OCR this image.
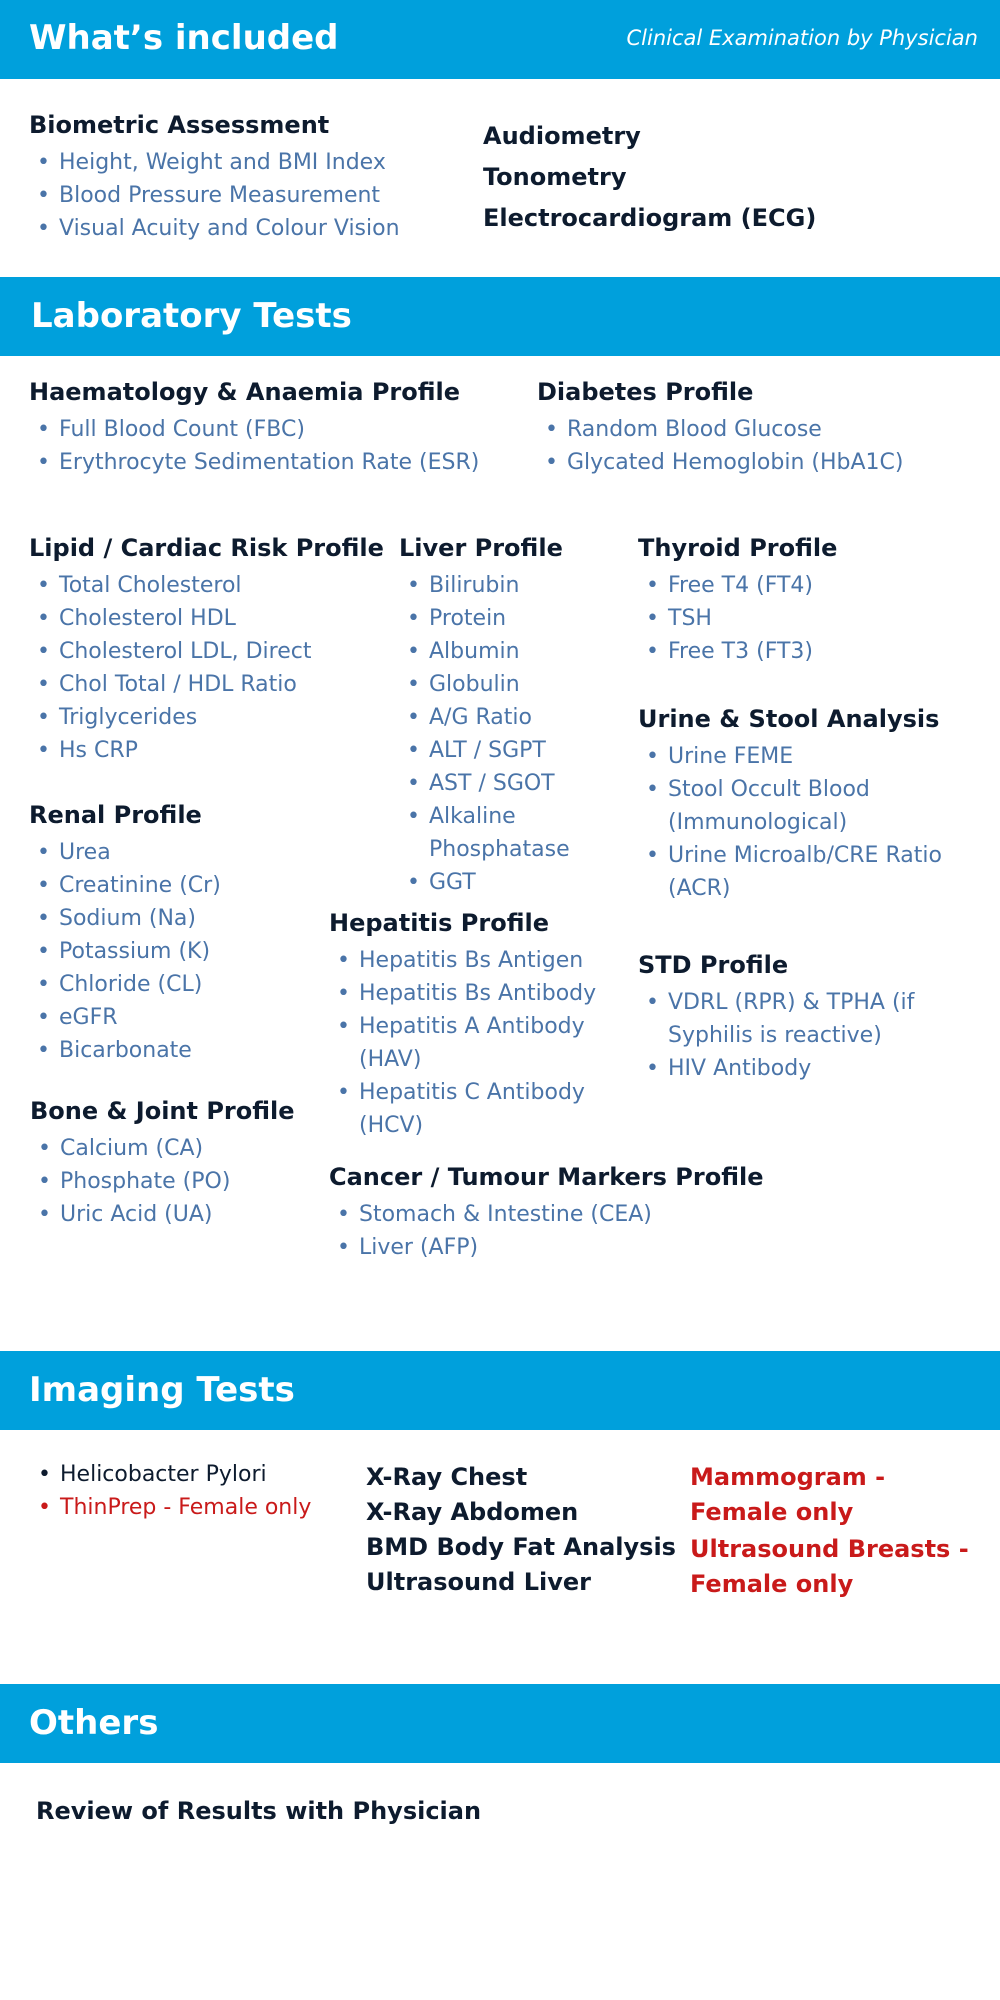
What’s included	Clinical Examination by Physician
Biometric Assessment
• Height, Weight and BMI Index
• Blood Pressure Measurement
• Visual Acuity and Colour Vision
Audiometry
Tonometry
Electrocardiogram (ECG)
Laboratory Tests
Haematology & Anaemia Profile
• Full Blood Count (FBC)
• Erythrocyte Sedimentation Rate (ESR)
Diabetes Profile
• Random Blood Glucose
• Glycated Hemoglobin (HbA1C)
Lipid / Cardiac Risk Profile
• Total Cholesterol
• Cholesterol HDL
• Cholesterol LDL, Direct
• Chol Total / HDL Ratio
• Triglycerides
• Hs CRP
Liver Profile
• Bilirubin
• Protein
• Albumin
• Globulin
• A/G Ratio
• ALT / SGPT
• AST / SGOT
• Alkaline Phosphatase
• GGT
Thyroid Profile
• Free T4 (FT4)
• TSH
• Free T3 (FT3)
Urine & Stool Analysis
• Urine FEME
• Stool Occult Blood (Immunological)
• Urine Microalb/CRE Ratio (ACR)
Renal Profile
• Urea
• Creatinine (Cr)
• Sodium (Na)
• Potassium (K)
• Chloride (CL)
• eGFR
• Bicarbonate
Hepatitis Profile
• Hepatitis Bs Antigen
• Hepatitis Bs Antibody
• Hepatitis A Antibody (HAV)
• Hepatitis C Antibody (HCV)
STD Profile
• VDRL (RPR) & TPHA (if Syphilis is reactive)
• HIV Antibody
Bone & Joint Profile
• Calcium (CA)
• Phosphate (PO)
• Uric Acid (UA)
Cancer / Tumour Markers Profile
• Stomach & Intestine (CEA)
• Liver (AFP)
Imaging Tests
• Helicobacter Pylori
• ThinPrep - Female only
X-Ray Chest
X-Ray Abdomen
BMD Body Fat Analysis
Ultrasound Liver
Mammogram - Female only
Ultrasound Breasts - Female only
Others
Review of Results with Physician
